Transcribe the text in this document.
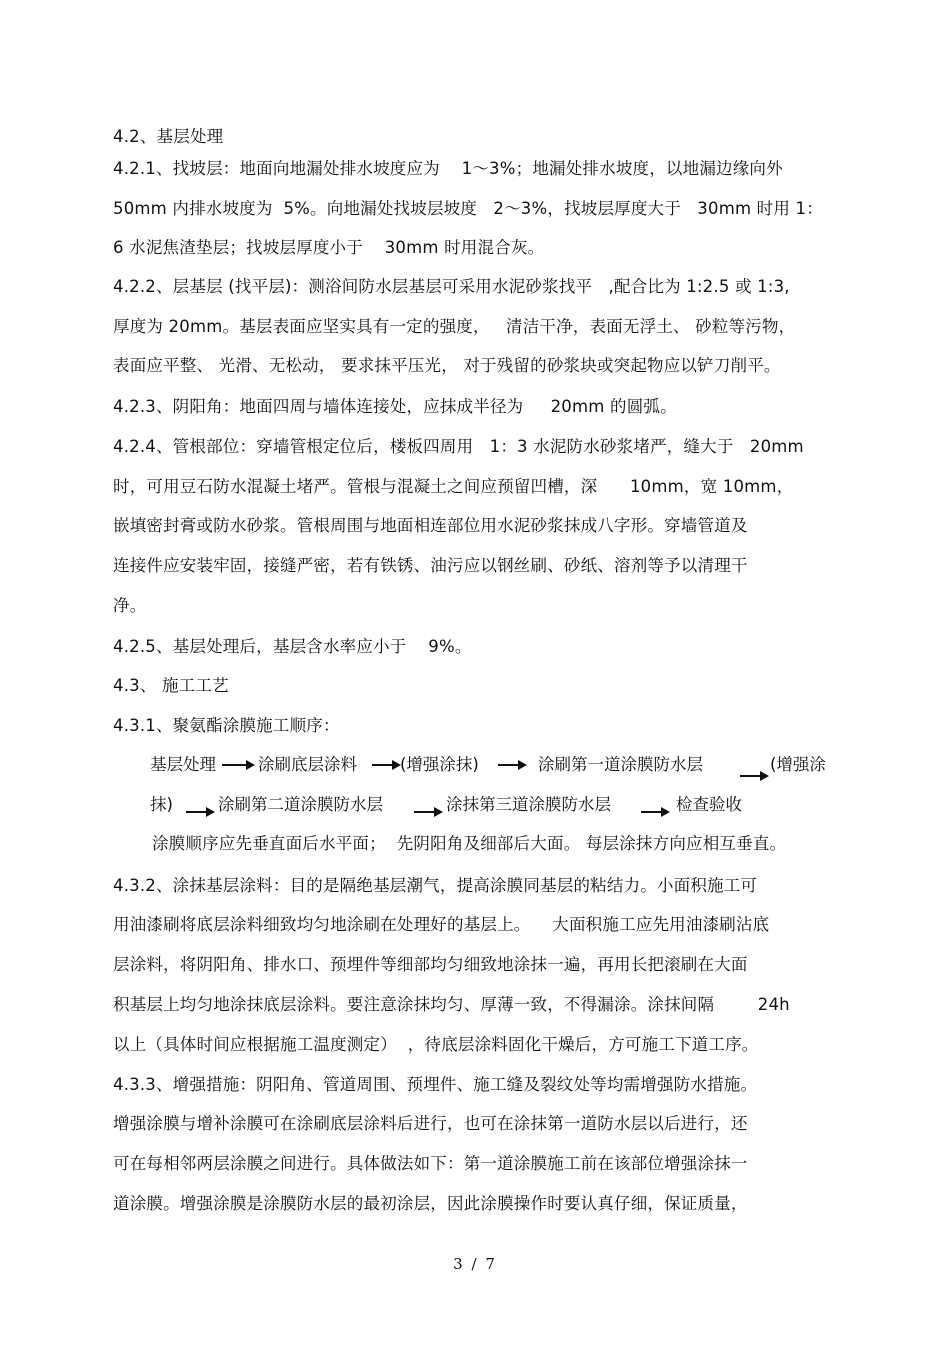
4.2、基层处理
4.2.1、找坡层：地面向地漏处排水坡度应为    1～3%；地漏处排水坡度，以地漏边缘向外
50mm 内排水坡度为  5%。向地漏处找坡层坡度   2～3%，找坡层厚度大于   30mm 时用 1：
6 水泥焦渣垫层；找坡层厚度小于    30mm 时用混合灰。
4.2.2、层基层 (找平层)：测浴间防水层基层可采用水泥砂浆找平   ,配合比为 1:2.5 或 1:3,
厚度为 20mm。基层表面应坚实具有一定的强度，   清洁干净，表面无浮土、 砂粒等污物，
表面应平整、 光滑、无松动， 要求抹平压光， 对于残留的砂浆块或突起物应以铲刀削平。
4.2.3、阴阳角：地面四周与墙体连接处，应抹成半径为     20mm 的圆弧。
4.2.4、管根部位：穿墙管根定位后，楼板四周用   1：3 水泥防水砂浆堵严，缝大于   20mm
时，可用豆石防水混凝土堵严。管根与混凝土之间应预留凹槽，深      10mm，宽 10mm，
嵌填密封膏或防水砂浆。管根周围与地面相连部位用水泥砂浆抹成八字形。穿墙管道及
连接件应安装牢固，接缝严密，若有铁锈、油污应以钢丝刷、砂纸、溶剂等予以清理干
净。
4.2.5、基层处理后，基层含水率应小于    9%。
4.3、 施工工艺
4.3.1、聚氨酯涂膜施工顺序：
基层处理	涂刷底层涂料	(增强涂抹)	涂刷第一道涂膜防水层	(增强涂
抹)	涂刷第二道涂膜防水层	涂抹第三道涂膜防水层	检查验收
涂膜顺序应先垂直面后水平面；  先阴阳角及细部后大面。 每层涂抹方向应相互垂直。
4.3.2、涂抹基层涂料：目的是隔绝基层潮气，提高涂膜同基层的粘结力。小面积施工可
用油漆刷将底层涂料细致均匀地涂刷在处理好的基层上。    大面积施工应先用油漆刷沾底
层涂料，将阴阳角、排水口、预埋件等细部均匀细致地涂抹一遍，再用长把滚刷在大面
积基层上均匀地涂抹底层涂料。要注意涂抹均匀、厚薄一致，不得漏涂。涂抹间隔        24h
以上（具体时间应根据施工温度测定）  ，待底层涂料固化干燥后，方可施工下道工序。
4.3.3、增强措施：阴阳角、管道周围、预埋件、施工缝及裂纹处等均需增强防水措施。
增强涂膜与增补涂膜可在涂刷底层涂料后进行，也可在涂抹第一道防水层以后进行，还
可在每相邻两层涂膜之间进行。具体做法如下：第一道涂膜施工前在该部位增强涂抹一
道涂膜。增强涂膜是涂膜防水层的最初涂层，因此涂膜操作时要认真仔细，保证质量，
3 / 7
